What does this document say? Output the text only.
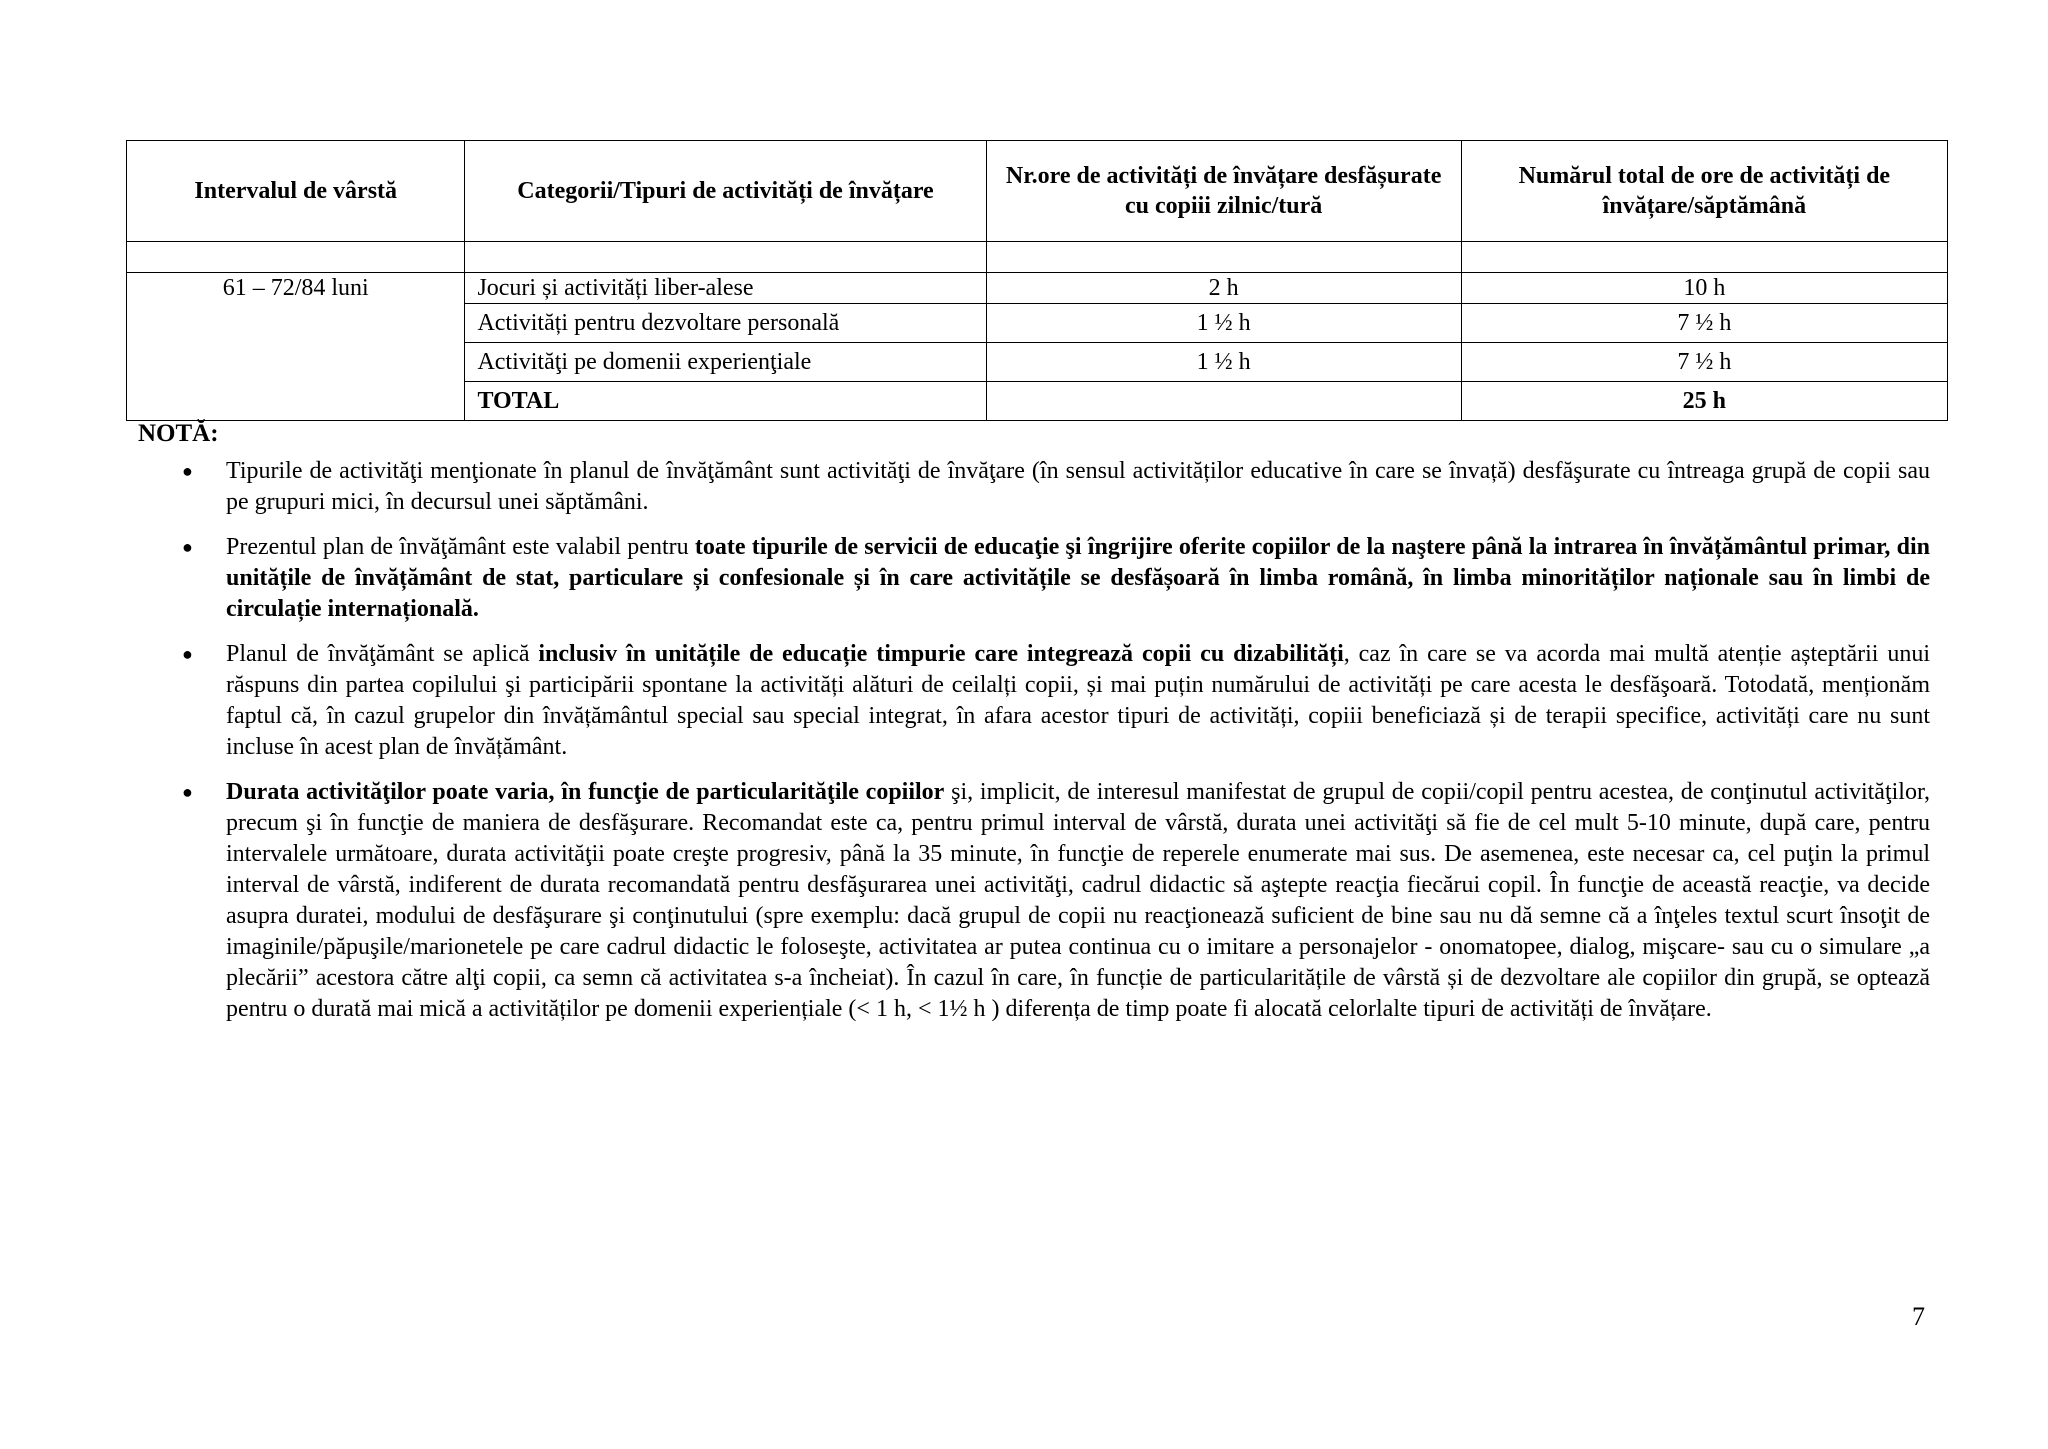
Intervalul de vârstă	Categorii/Tipuri de activități de învățare	Nr.ore de activități de învățare desfășurate cu copiii zilnic/tură	Numărul total de ore de activități de învățare/săptămână

61 – 72/84 luni	Jocuri și activități liber-alese	2 h	10 h
	Activități pentru dezvoltare personală	1 ½ h	7 ½ h
	Activităţi pe domenii experienţiale	1 ½ h	7 ½ h
	TOTAL		25 h
NOTĂ:
● Tipurile de activităţi menţionate în planul de învăţământ sunt activităţi de învăţare (în sensul activităților educative în care se învață) desfăşurate cu întreaga grupă de copii sau pe grupuri mici, în decursul unei săptămâni.
● Prezentul plan de învăţământ este valabil pentru toate tipurile de servicii de educaţie şi îngrijire oferite copiilor de la naştere până la intrarea în învățământul primar, din unitățile de învățământ de stat, particulare și confesionale și în care activitățile se desfășoară în limba română, în limba minorităților naționale sau în limbi de circulație internațională.
● Planul de învăţământ se aplică inclusiv în unitățile de educație timpurie care integrează copii cu dizabilități, caz în care se va acorda mai multă atenție așteptării unui răspuns din partea copilului şi participării spontane la activități alături de ceilalți copii, și mai puțin numărului de activități pe care acesta le desfăşoară. Totodată, menționăm faptul că, în cazul grupelor din învățământul special sau special integrat, în afara acestor tipuri de activități, copiii beneficiază și de terapii specifice, activități care nu sunt incluse în acest plan de învățământ.
● Durata activităţilor poate varia, în funcţie de particularităţile copiilor şi, implicit, de interesul manifestat de grupul de copii/copil pentru acestea, de conţinutul activităţilor, precum şi în funcţie de maniera de desfăşurare. Recomandat este ca, pentru primul interval de vârstă, durata unei activităţi să fie de cel mult 5-10 minute, după care, pentru intervalele următoare, durata activităţii poate creşte progresiv, până la 35 minute, în funcţie de reperele enumerate mai sus. De asemenea, este necesar ca, cel puţin la primul interval de vârstă, indiferent de durata recomandată pentru desfăşurarea unei activităţi, cadrul didactic să aştepte reacţia fiecărui copil. În funcţie de această reacţie, va decide asupra duratei, modului de desfăşurare şi conţinutului (spre exemplu: dacă grupul de copii nu reacţionează suficient de bine sau nu dă semne că a înţeles textul scurt însoţit de imaginile/păpuşile/marionetele pe care cadrul didactic le foloseşte, activitatea ar putea continua cu o imitare a personajelor - onomatopee, dialog, mişcare- sau cu o simulare „a plecării” acestora către alţi copii, ca semn că activitatea s-a încheiat). În cazul în care, în funcție de particularitățile de vârstă și de dezvoltare ale copiilor din grupă, se optează pentru o durată mai mică a activităților pe domenii experiențiale (< 1 h, < 1½ h ) diferența de timp poate fi alocată celorlalte tipuri de activități de învățare.
7
